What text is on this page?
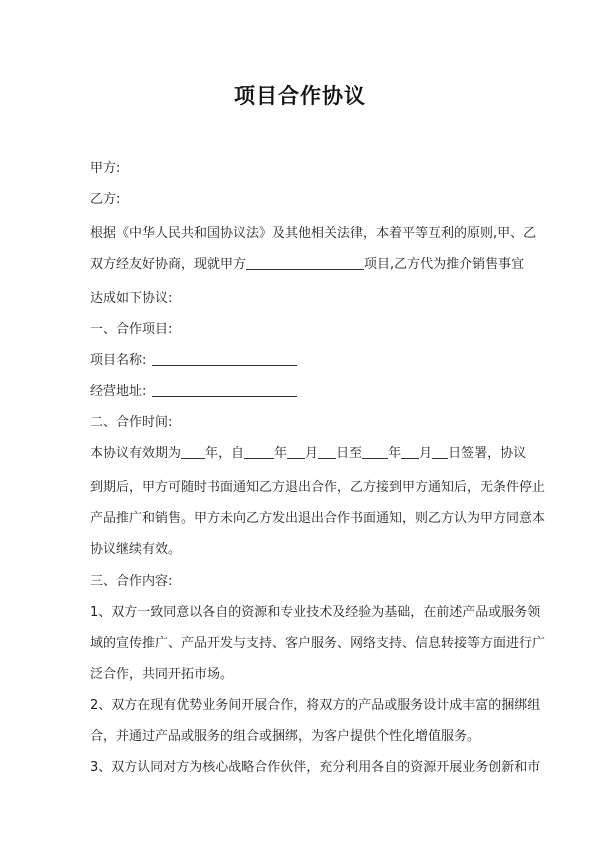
项目合作协议
甲方:
乙方:
根据《中华人民共和国协议法》及其他相关法律，本着平等互利的原则,甲、乙
双方经友好协商，现就甲方	项目,乙方代为推介销售事宜
达成如下协议:
一、合作项目:
项目名称:
经营地址:
二、合作时间:
本协议有效期为 年，自 年 月 日至 年 月 日签署，协议
到期后，甲方可随时书面通知乙方退出合作，乙方接到甲方通知后，无条件停止
产品推广和销售。甲方未向乙方发出退出合作书面通知，则乙方认为甲方同意本
协议继续有效。
三、合作内容:
1、双方一致同意以各自的资源和专业技术及经验为基础，在前述产品或服务领
域的宣传推广、产品开发与支持、客户服务、网络支持、信息转接等方面进行广
泛合作，共同开拓市场。
2、双方在现有优势业务间开展合作，将双方的产品或服务设计成丰富的捆绑组
合，并通过产品或服务的组合或捆绑，为客户提供个性化增值服务。
3、双方认同对方为核心战略合作伙伴，充分利用各自的资源开展业务创新和市
